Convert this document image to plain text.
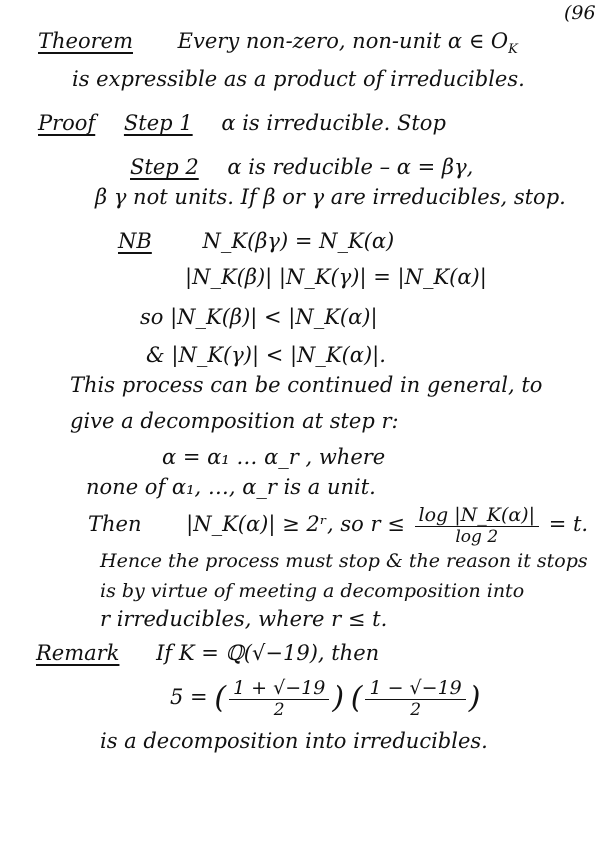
(96
Theorem Every non-zero, non-unit α ∈ $O_K$
is expressible as a product of irreducibles.
Proof Step 1 α is irreducible. Stop
Step 2 α is reducible – α = βγ,
β γ not units. If β or γ are irreducibles, stop.
NB N_K(βγ) = N_K(α)
|N_K(β)| |N_K(γ)| = |N_K(α)|
so |N_K(β)| < |N_K(α)|
& |N_K(γ)| < |N_K(α)|.
This process can be continued in general, to
give a decomposition at step r:
α = α₁ … α_r , where
none of α₁, …, α_r is a unit.
Then |N_K(α)| ≥ 2ʳ, so $r \le \frac{\log |N\_K(\alpha)|}{\log 2} = t$.
Hence the process must stop & the reason it stops
is by virtue of meeting a decomposition into
r irreducibles, where r ≤ t.
Remark If K = ℚ(√−19), then
5 = ( $\frac{1 + √-19}{2}$ ) ( $\frac{1 - √-19}{2}$ )
is a decomposition into irreducibles.
